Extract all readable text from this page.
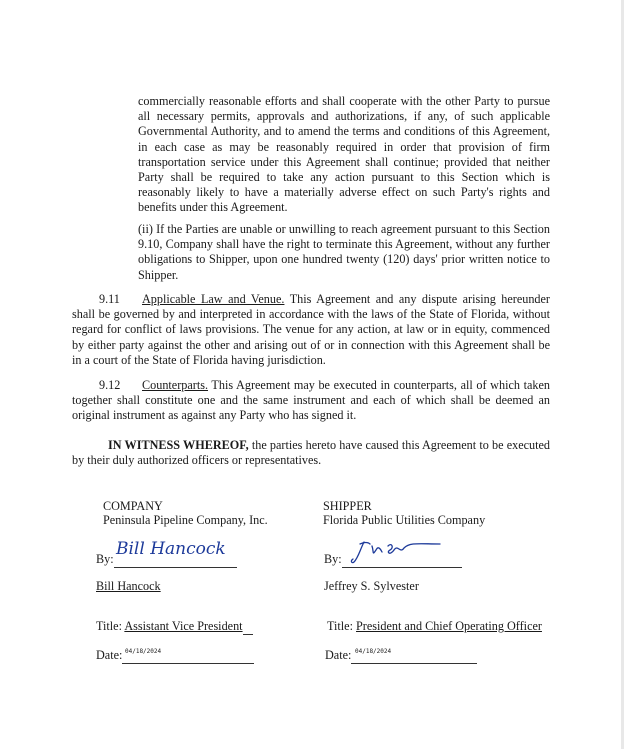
commercially reasonable efforts and shall cooperate with the other Party to pursue all necessary permits, approvals and authorizations, if any, of such applicable Governmental Authority, and to amend the terms and conditions of this Agreement, in each case as may be reasonably required in order that provision of firm transportation service under this Agreement shall continue; provided that neither Party shall be required to take any action pursuant to this Section which is reasonably likely to have a materially adverse effect on such Party's rights and benefits under this Agreement.

(ii) If the Parties are unable or unwilling to reach agreement pursuant to this Section 9.10, Company shall have the right to terminate this Agreement, without any further obligations to Shipper, upon one hundred twenty (120) days' prior written notice to Shipper.

9.11 Applicable Law and Venue. This Agreement and any dispute arising hereunder shall be governed by and interpreted in accordance with the laws of the State of Florida, without regard for conflict of laws provisions. The venue for any action, at law or in equity, commenced by either party against the other and arising out of or in connection with this Agreement shall be in a court of the State of Florida having jurisdiction.

9.12 Counterparts. This Agreement may be executed in counterparts, all of which taken together shall constitute one and the same instrument and each of which shall be deemed an original instrument as against any Party who has signed it.

IN WITNESS WHEREOF, the parties hereto have caused this Agreement to be executed by their duly authorized officers or representatives.

COMPANY
Peninsula Pipeline Company, Inc.
Bill Hancock
By:
Bill Hancock
Title: Assistant Vice President
Date: 04/18/2024
SHIPPER
Florida Public Utilities Company
By:
Jeffrey S. Sylvester
Title: President and Chief Operating Officer
Date: 04/18/2024
